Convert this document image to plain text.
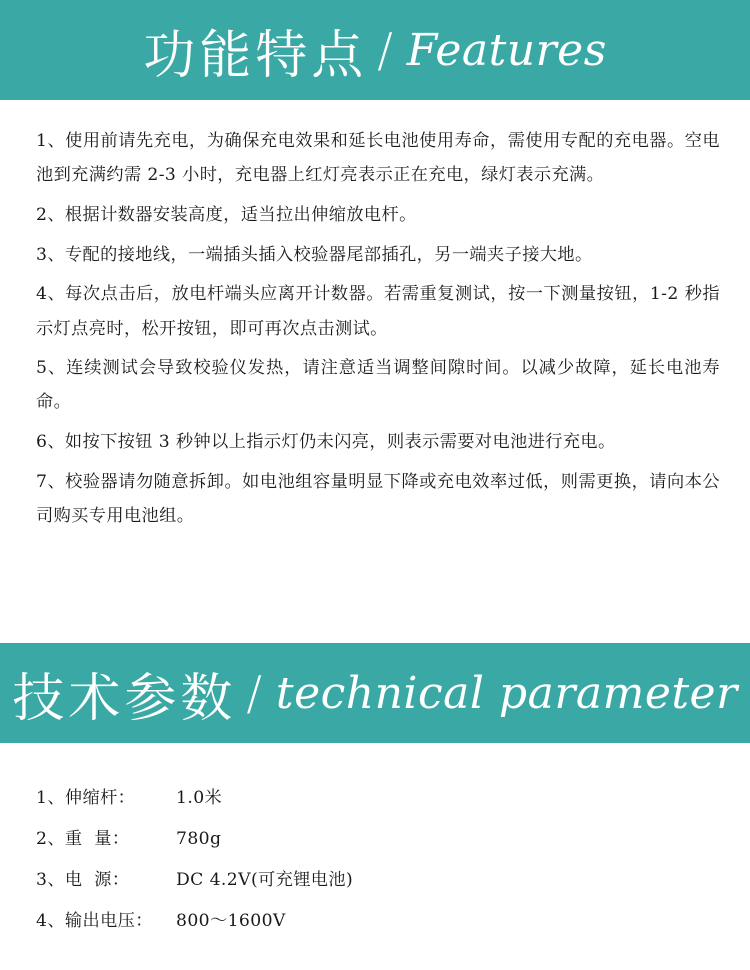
功能特点 / Features

1、使用前请先充电，为确保充电效果和延长电池使用寿命，需使用专配的充电器。空电池到充满约需 2-3 小时，充电器上红灯亮表示正在充电，绿灯表示充满。

2、根据计数器安装高度，适当拉出伸缩放电杆。

3、专配的接地线，一端插头插入校验器尾部插孔，另一端夹子接大地。

4、每次点击后，放电杆端头应离开计数器。若需重复测试，按一下测量按钮，1-2 秒指示灯点亮时，松开按钮，即可再次点击测试。

5、连续测试会导致校验仪发热，请注意适当调整间隙时间。以减少故障，延长电池寿命。

6、如按下按钮 3 秒钟以上指示灯仍未闪亮，则表示需要对电池进行充电。

7、校验器请勿随意拆卸。如电池组容量明显下降或充电效率过低，则需更换，请向本公司购买专用电池组。

技术参数 / technical parameter
1、伸缩杆：	1.0米
2、重  量：	780g
3、电  源：	DC 4.2V(可充锂电池)
4、输出电压：	800～1600V
